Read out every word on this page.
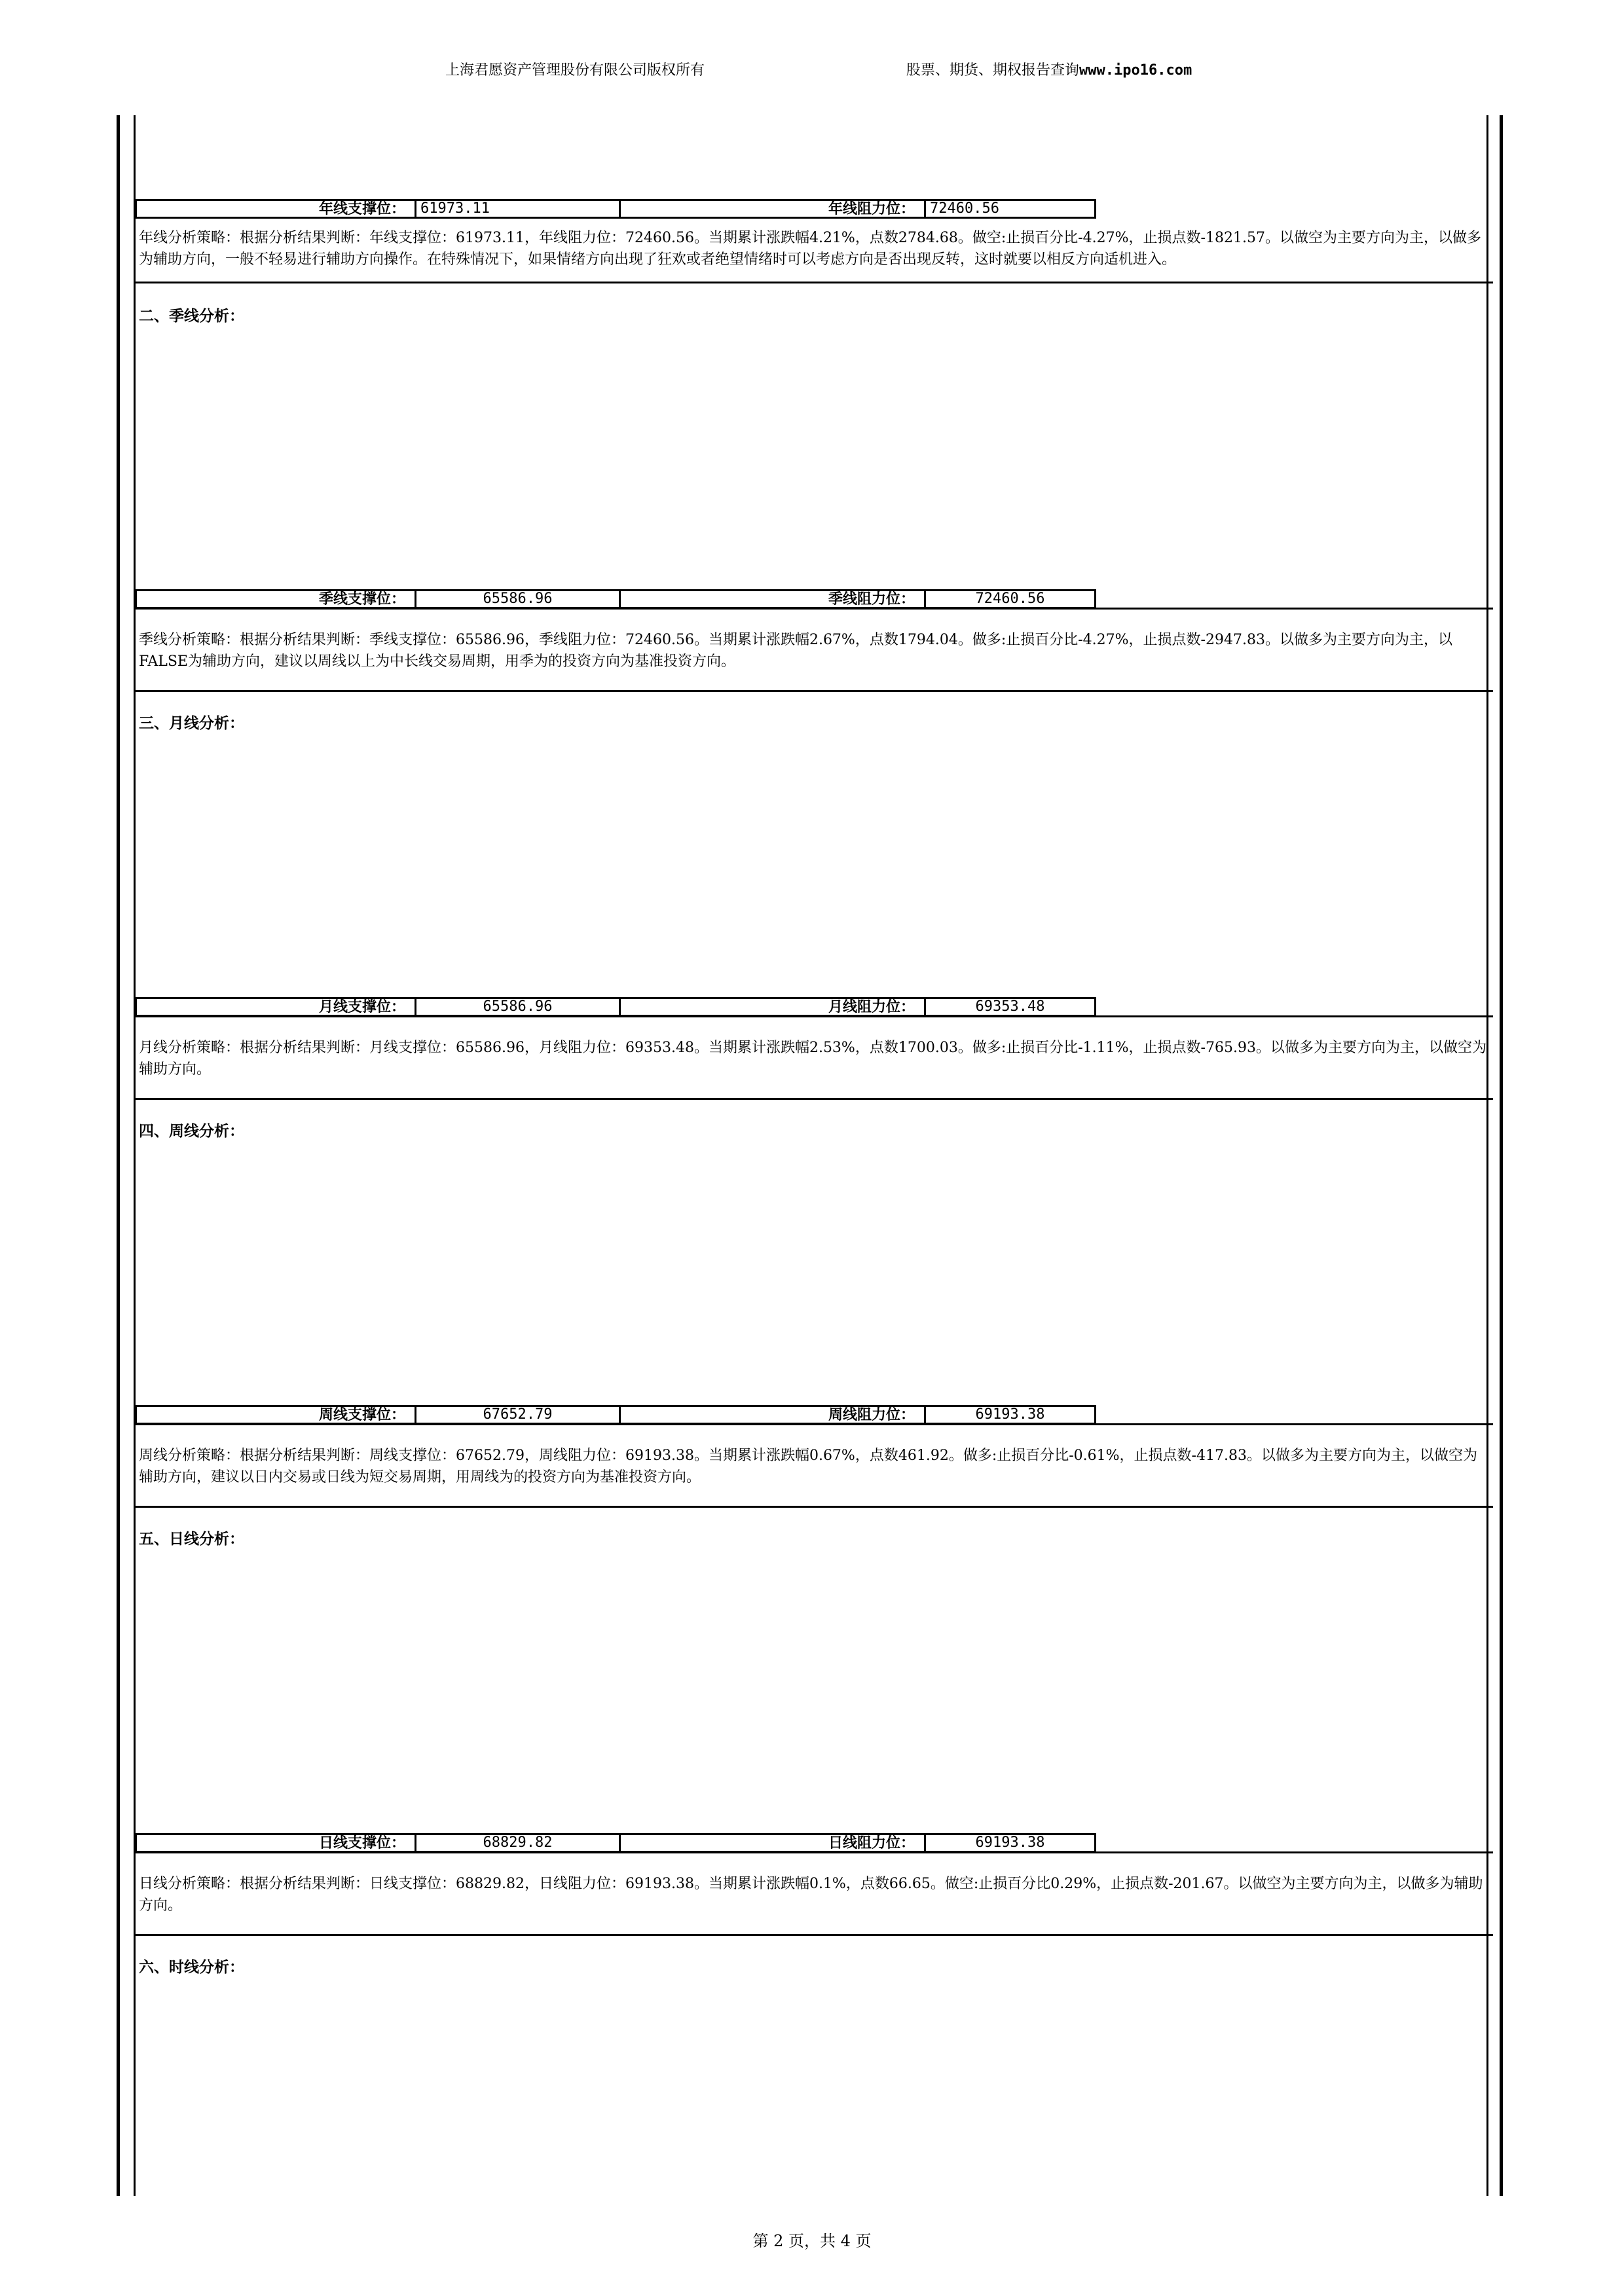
上海君愿资产管理股份有限公司版权所有	股票、期货、期权报告查询www.ipo16.com
年线支撑位：	61973.11	年线阻力位：	72460.56
年线分析策略：根据分析结果判断：年线支撑位：61973.11，年线阻力位：72460.56。当期累计涨跌幅4.21%，点数2784.68。做空:止损百分比-4.27%，止损点数-1821.57。以做空为主要方向为主，以做多为辅助方向，一般不轻易进行辅助方向操作。在特殊情况下，如果情绪方向出现了狂欢或者绝望情绪时可以考虑方向是否出现反转，这时就要以相反方向适机进入。
二、季线分析：
季线支撑位：	65586.96	季线阻力位：	72460.56
季线分析策略：根据分析结果判断：季线支撑位：65586.96，季线阻力位：72460.56。当期累计涨跌幅2.67%，点数1794.04。做多:止损百分比-4.27%，止损点数-2947.83。以做多为主要方向为主，以FALSE为辅助方向，建议以周线以上为中长线交易周期，用季为的投资方向为基准投资方向。
三、月线分析：
月线支撑位：	65586.96	月线阻力位：	69353.48
月线分析策略：根据分析结果判断：月线支撑位：65586.96，月线阻力位：69353.48。当期累计涨跌幅2.53%，点数1700.03。做多:止损百分比-1.11%，止损点数-765.93。以做多为主要方向为主，以做空为辅助方向。
四、周线分析：
周线支撑位：	67652.79	周线阻力位：	69193.38
周线分析策略：根据分析结果判断：周线支撑位：67652.79，周线阻力位：69193.38。当期累计涨跌幅0.67%，点数461.92。做多:止损百分比-0.61%，止损点数-417.83。以做多为主要方向为主，以做空为辅助方向，建议以日内交易或日线为短交易周期，用周线为的投资方向为基准投资方向。
五、日线分析：
日线支撑位：	68829.82	日线阻力位：	69193.38
日线分析策略：根据分析结果判断：日线支撑位：68829.82，日线阻力位：69193.38。当期累计涨跌幅0.1%，点数66.65。做空:止损百分比0.29%，止损点数-201.67。以做空为主要方向为主，以做多为辅助方向。
六、时线分析：
第 2 页，共 4 页
